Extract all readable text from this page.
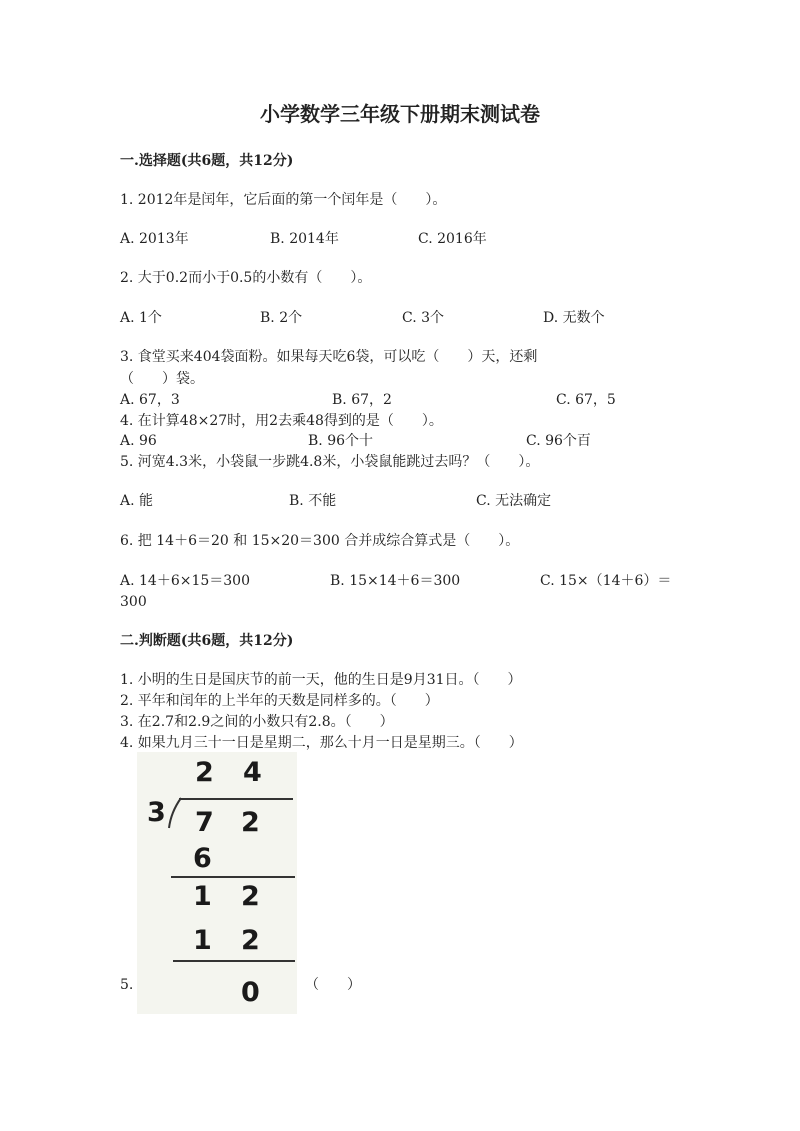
小学数学三年级下册期末测试卷
一.选择题(共6题，共12分)
1. 2012年是闰年，它后面的第一个闰年是（　　）。
A. 2013年	B. 2014年	C. 2016年
2. 大于0.2而小于0.5的小数有（　　）。
A. 1个	B. 2个	C. 3个	D. 无数个
3. 食堂买来404袋面粉。如果每天吃6袋，可以吃（　　）天，还剩
（　　）袋。
A. 67，3	B. 67，2	C. 67，5
4. 在计算48×27时，用2去乘48得到的是（　　）。
A. 96	B. 96个十	C. 96个百
5. 河宽4.3米，小袋鼠一步跳4.8米，小袋鼠能跳过去吗？（　　）。
A. 能	B. 不能	C. 无法确定
6. 把 14＋6＝20 和 15×20＝300 合并成综合算式是（　　）。
A. 14＋6×15＝300	B. 15×14＋6＝300	C. 15×（14＋6）＝
300
二.判断题(共6题，共12分)
1. 小明的生日是国庆节的前一天，他的生日是9月31日。（　　）
2. 平年和闰年的上半年的天数是同样多的。（　　）
3. 在2.7和2.9之间的小数只有2.8。（　　）
4. 如果九月三十一日是星期二，那么十月一日是星期三。（　　）
5.	（　　）
2 4
3 7 2
6
1 2
1 2
0
